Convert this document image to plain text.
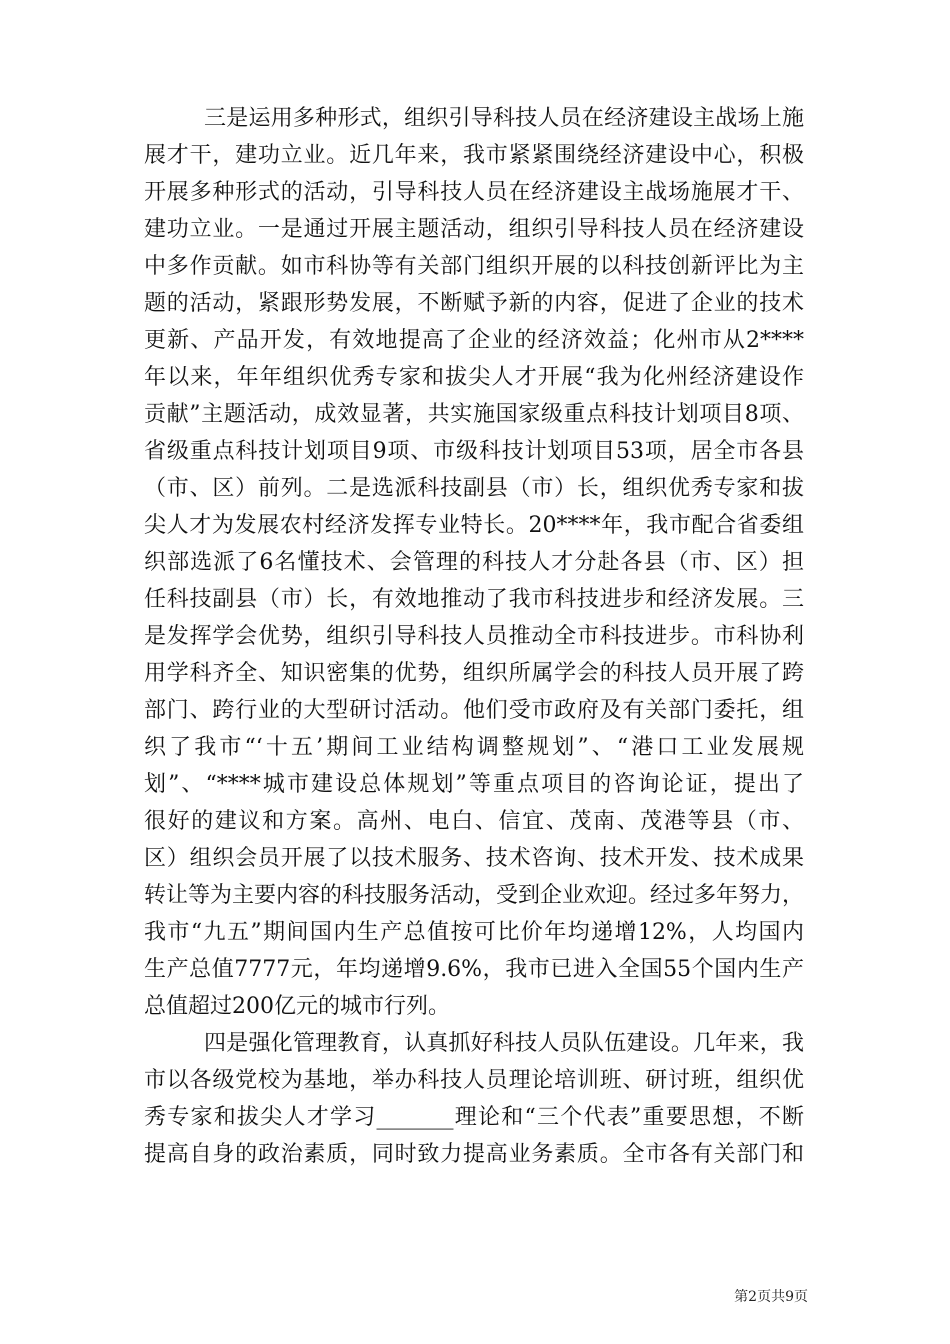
三是运用多种形式，组织引导科技人员在经济建设主战场上施
展才干，建功立业。近几年来，我市紧紧围绕经济建设中心，积极
开展多种形式的活动，引导科技人员在经济建设主战场施展才干、
建功立业。一是通过开展主题活动，组织引导科技人员在经济建设
中多作贡献。如市科协等有关部门组织开展的以科技创新评比为主
题的活动，紧跟形势发展，不断赋予新的内容，促进了企业的技术
更新、产品开发，有效地提高了企业的经济效益；化州市从2****
年以来，年年组织优秀专家和拔尖人才开展“我为化州经济建设作
贡献”主题活动，成效显著，共实施国家级重点科技计划项目8项、
省级重点科技计划项目9项、市级科技计划项目53项，居全市各县
（市、区）前列。二是选派科技副县（市）长，组织优秀专家和拔
尖人才为发展农村经济发挥专业特长。20****年，我市配合省委组
织部选派了6名懂技术、会管理的科技人才分赴各县（市、区）担
任科技副县（市）长，有效地推动了我市科技进步和经济发展。三
是发挥学会优势，组织引导科技人员推动全市科技进步。市科协利
用学科齐全、知识密集的优势，组织所属学会的科技人员开展了跨
部门、跨行业的大型研讨活动。他们受市政府及有关部门委托，组
织了我市“‘十五’期间工业结构调整规划”、“港口工业发展规
划”、“****城市建设总体规划”等重点项目的咨询论证，提出了
很好的建议和方案。高州、电白、信宜、茂南、茂港等县（市、
区）组织会员开展了以技术服务、技术咨询、技术开发、技术成果
转让等为主要内容的科技服务活动，受到企业欢迎。经过多年努力，
我市“九五”期间国内生产总值按可比价年均递增12%，人均国内
生产总值7777元，年均递增9.6%，我市已进入全国55个国内生产
总值超过200亿元的城市行列。
四是强化管理教育，认真抓好科技人员队伍建设。几年来，我
市以各级党校为基地，举办科技人员理论培训班、研讨班，组织优
秀专家和拔尖人才学习_______理论和“三个代表”重要思想，不断
提高自身的政治素质，同时致力提高业务素质。全市各有关部门和
第2页共9页
